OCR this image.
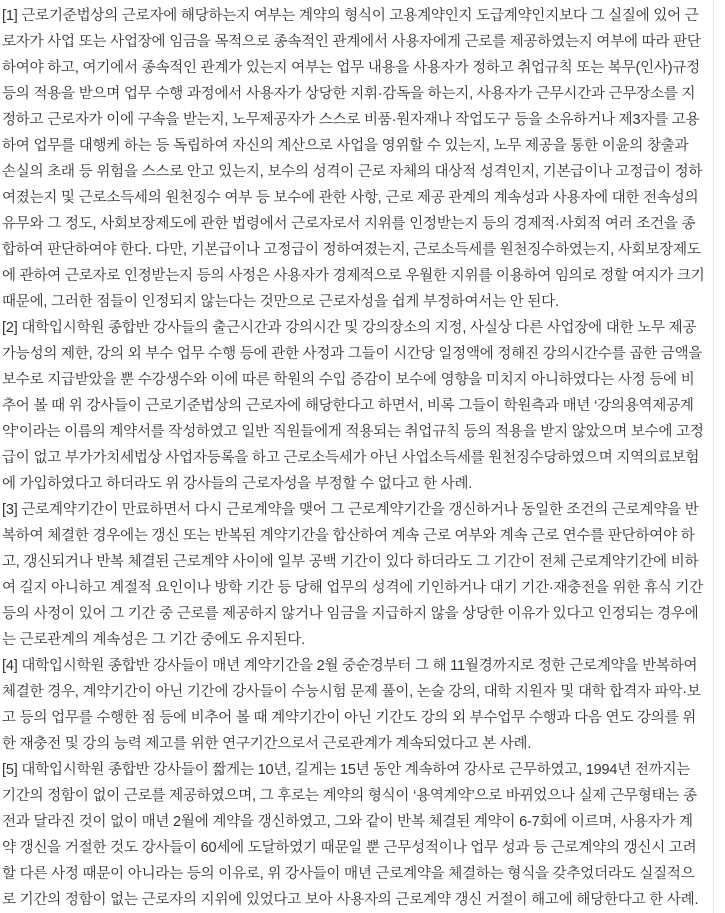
[1] 근로기준법상의 근로자에 해당하는지 여부는 계약의 형식이 고용계약인지 도급계약인지보다 그 실질에 있어 근로자가 사업 또는 사업장에 임금을 목적으로 종속적인 관계에서 사용자에게 근로를 제공하였는지 여부에 따라 판단하여야 하고, 여기에서 종속적인 관계가 있는지 여부는 업무 내용을 사용자가 정하고 취업규칙 또는 복무(인사)규정 등의 적용을 받으며 업무 수행 과정에서 사용자가 상당한 지휘·감독을 하는지, 사용자가 근무시간과 근무장소를 지정하고 근로자가 이에 구속을 받는지, 노무제공자가 스스로 비품·원자재나 작업도구 등을 소유하거나 제3자를 고용하여 업무를 대행케 하는 등 독립하여 자신의 계산으로 사업을 영위할 수 있는지, 노무 제공을 통한 이윤의 창출과 손실의 초래 등 위험을 스스로 안고 있는지, 보수의 성격이 근로 자체의 대상적 성격인지, 기본급이나 고정급이 정하여졌는지 및 근로소득세의 원천징수 여부 등 보수에 관한 사항, 근로 제공 관계의 계속성과 사용자에 대한 전속성의 유무와 그 정도, 사회보장제도에 관한 법령에서 근로자로서 지위를 인정받는지 등의 경제적·사회적 여러 조건을 종합하여 판단하여야 한다. 다만, 기본급이나 고정급이 정하여졌는지, 근로소득세를 원천징수하였는지, 사회보장제도에 관하여 근로자로 인정받는지 등의 사정은 사용자가 경제적으로 우월한 지위를 이용하여 임의로 정할 여지가 크기 때문에, 그러한 점들이 인정되지 않는다는 것만으로 근로자성을 쉽게 부정하여서는 안 된다.

[2] 대학입시학원 종합반 강사들의 출근시간과 강의시간 및 강의장소의 지정, 사실상 다른 사업장에 대한 노무 제공 가능성의 제한, 강의 외 부수 업무 수행 등에 관한 사정과 그들이 시간당 일정액에 정해진 강의시간수를 곱한 금액을 보수로 지급받았을 뿐 수강생수와 이에 따른 학원의 수입 증감이 보수에 영향을 미치지 아니하였다는 사정 등에 비추어 볼 때 위 강사들이 근로기준법상의 근로자에 해당한다고 하면서, 비록 그들이 학원측과 매년 ‘강의용역제공계약’이라는 이름의 계약서를 작성하였고 일반 직원들에게 적용되는 취업규칙 등의 적용을 받지 않았으며 보수에 고정급이 없고 부가가치세법상 사업자등록을 하고 근로소득세가 아닌 사업소득세를 원천징수당하였으며 지역의료보험에 가입하였다고 하더라도 위 강사들의 근로자성을 부정할 수 없다고 한 사례.

[3] 근로계약기간이 만료하면서 다시 근로계약을 맺어 그 근로계약기간을 갱신하거나 동일한 조건의 근로계약을 반복하여 체결한 경우에는 갱신 또는 반복된 계약기간을 합산하여 계속 근로 여부와 계속 근로 연수를 판단하여야 하고, 갱신되거나 반복 체결된 근로계약 사이에 일부 공백 기간이 있다 하더라도 그 기간이 전체 근로계약기간에 비하여 길지 아니하고 계절적 요인이나 방학 기간 등 당해 업무의 성격에 기인하거나 대기 기간·재충전을 위한 휴식 기간 등의 사정이 있어 그 기간 중 근로를 제공하지 않거나 임금을 지급하지 않을 상당한 이유가 있다고 인정되는 경우에는 근로관계의 계속성은 그 기간 중에도 유지된다.

[4] 대학입시학원 종합반 강사들이 매년 계약기간을 2월 중순경부터 그 해 11월경까지로 정한 근로계약을 반복하여 체결한 경우, 계약기간이 아닌 기간에 강사들이 수능시험 문제 풀이, 논술 강의, 대학 지원자 및 대학 합격자 파악·보고 등의 업무를 수행한 점 등에 비추어 볼 때 계약기간이 아닌 기간도 강의 외 부수업무 수행과 다음 연도 강의를 위한 재충전 및 강의 능력 제고를 위한 연구기간으로서 근로관계가 계속되었다고 본 사례.

[5] 대학입시학원 종합반 강사들이 짧게는 10년, 길게는 15년 동안 계속하여 강사로 근무하였고, 1994년 전까지는 기간의 정함이 없이 근로를 제공하였으며, 그 후로는 계약의 형식이 ‘용역계약’으로 바뀌었으나 실제 근무형태는 종전과 달라진 것이 없이 매년 2월에 계약을 갱신하였고, 그와 같이 반복 체결된 계약이 6-7회에 이르며, 사용자가 계약 갱신을 거절한 것도 강사들이 60세에 도달하였기 때문일 뿐 근무성적이나 업무 성과 등 근로계약의 갱신시 고려할 다른 사정 때문이 아니라는 등의 이유로, 위 강사들이 매년 근로계약을 체결하는 형식을 갖추었더라도 실질적으로 기간의 정함이 없는 근로자의 지위에 있었다고 보아 사용자의 근로계약 갱신 거절이 해고에 해당한다고 한 사례.
